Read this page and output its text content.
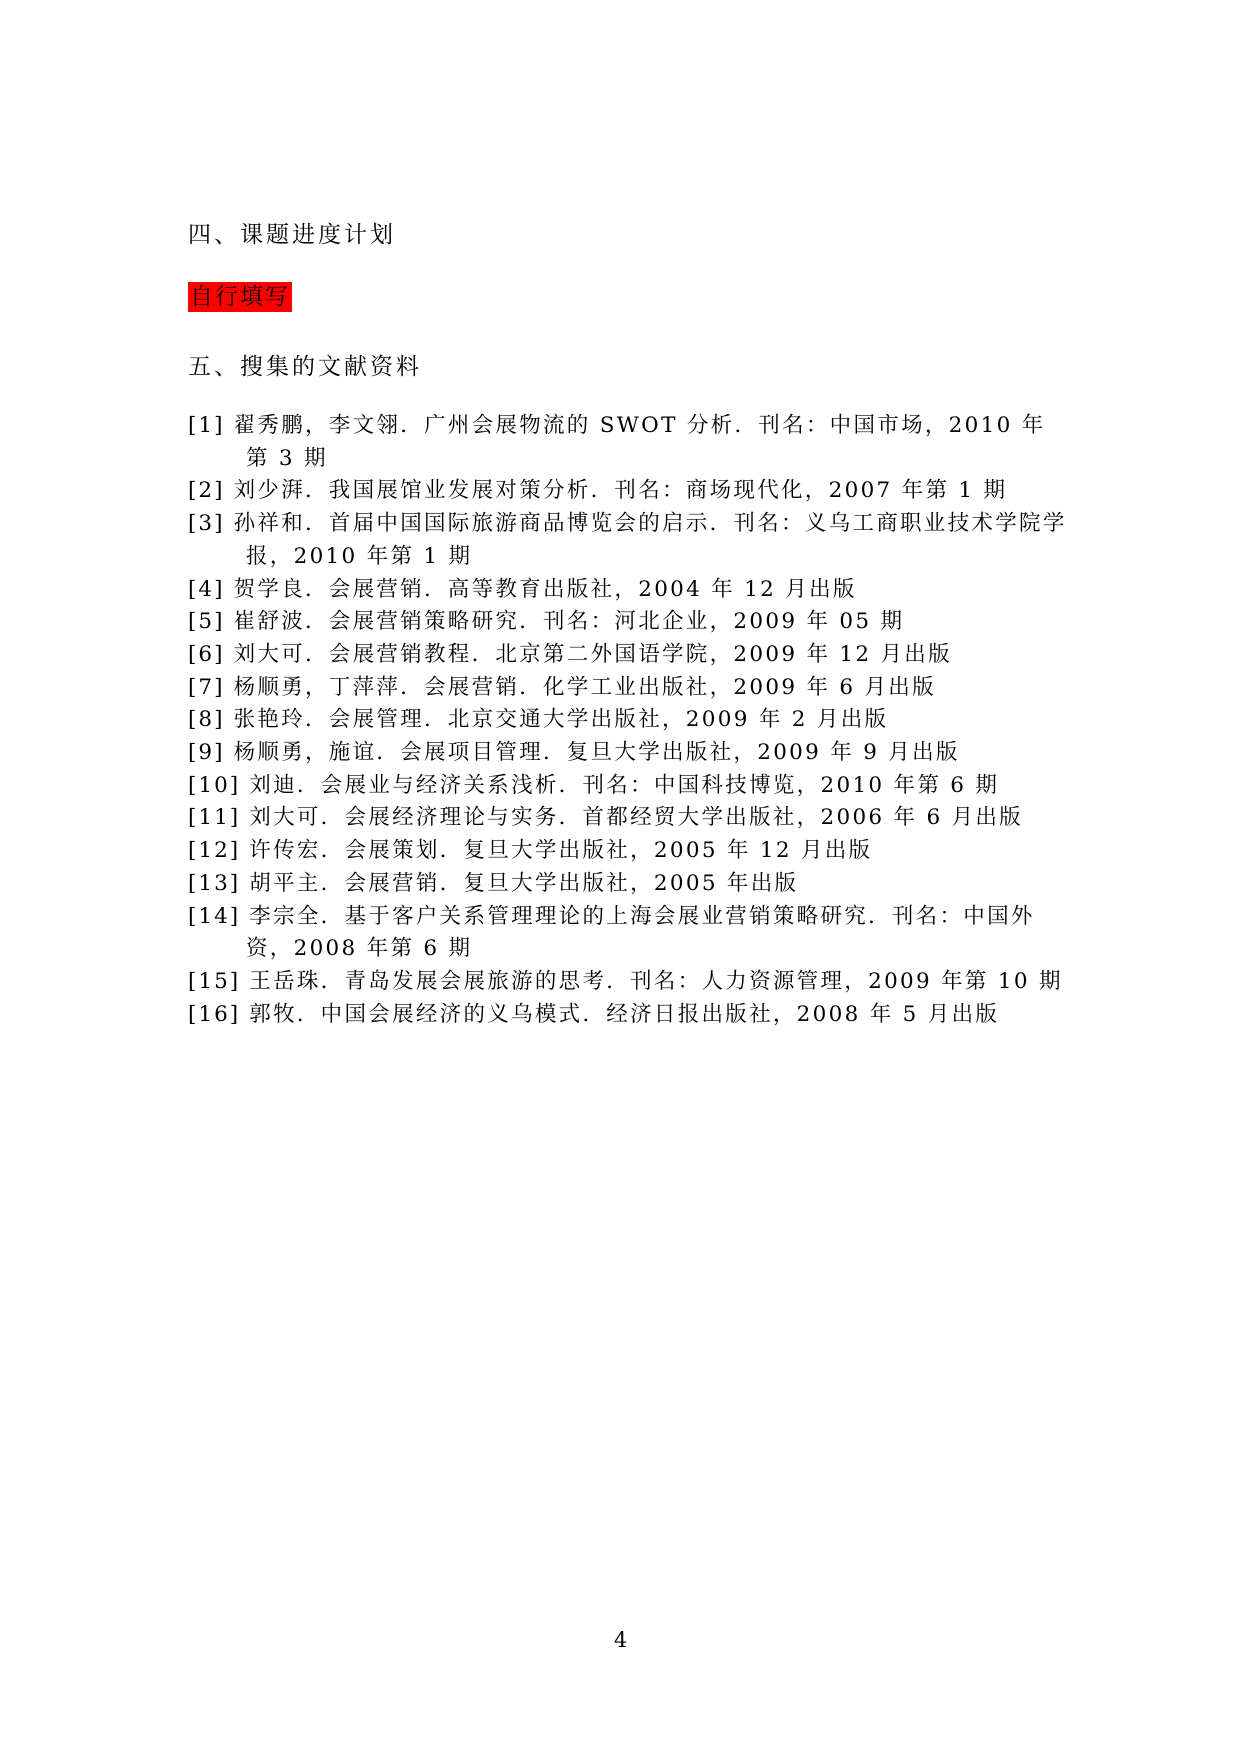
四、课题进度计划
自行填写
五、搜集的文献资料
[1] 翟秀鹏，李文翎．广州会展物流的 SWOT 分析．刊名：中国市场，2010 年第 3 期
[2] 刘少湃．我国展馆业发展对策分析．刊名：商场现代化，2007 年第 1 期
[3] 孙祥和．首届中国国际旅游商品博览会的启示．刊名：义乌工商职业技术学院学报，2010 年第 1 期
[4] 贺学良．会展营销．高等教育出版社，2004 年 12 月出版
[5] 崔舒波．会展营销策略研究．刊名：河北企业，2009 年 05 期
[6] 刘大可．会展营销教程．北京第二外国语学院，2009 年 12 月出版
[7] 杨顺勇，丁萍萍．会展营销．化学工业出版社，2009 年 6 月出版
[8] 张艳玲．会展管理．北京交通大学出版社，2009 年 2 月出版
[9] 杨顺勇，施谊．会展项目管理．复旦大学出版社，2009 年 9 月出版
[10] 刘迪．会展业与经济关系浅析．刊名：中国科技博览，2010 年第 6 期
[11] 刘大可．会展经济理论与实务．首都经贸大学出版社，2006 年 6 月出版
[12] 许传宏．会展策划．复旦大学出版社，2005 年 12 月出版
[13] 胡平主．会展营销．复旦大学出版社，2005 年出版
[14] 李宗全．基于客户关系管理理论的上海会展业营销策略研究．刊名：中国外资，2008 年第 6 期
[15] 王岳珠．青岛发展会展旅游的思考．刊名：人力资源管理，2009 年第 10 期
[16] 郭牧．中国会展经济的义乌模式．经济日报出版社，2008 年 5 月出版
4
